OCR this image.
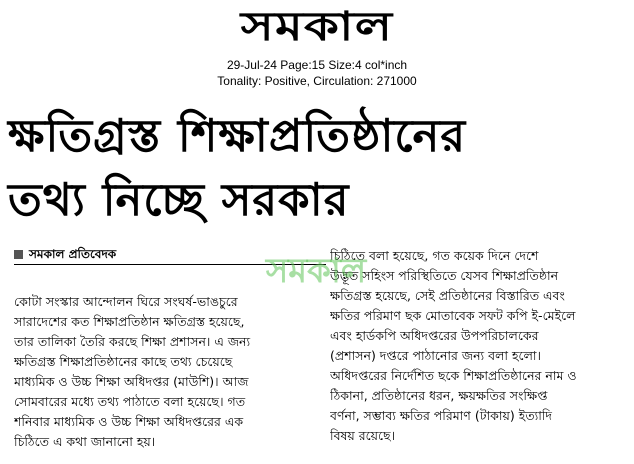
সমকাল
29-Jul-24 Page:15 Size:4 col*inch
Tonality: Positive, Circulation: 271000
ক্ষতিগ্রস্ত শিক্ষাপ্রতিষ্ঠানের
তথ্য নিচ্ছে সরকার
সমকাল প্রতিবেদক
কোটা সংস্কার আন্দোলন ঘিরে সংঘর্ষ-ভাঙচুরে
সারাদেশের কত শিক্ষাপ্রতিষ্ঠান ক্ষতিগ্রস্ত হয়েছে,
তার তালিকা তৈরি করছে শিক্ষা প্রশাসন। এ জন্য
ক্ষতিগ্রস্ত শিক্ষাপ্রতিষ্ঠানের কাছে তথ্য চেয়েছে
মাধ্যমিক ও উচ্চ শিক্ষা অধিদপ্তর (মাউশি)। আজ
সোমবারের মধ্যে তথ্য পাঠাতে বলা হয়েছে। গত
শনিবার মাধ্যমিক ও উচ্চ শিক্ষা অধিদপ্তরের এক
চিঠিতে এ কথা জানানো হয়।
চিঠিতে বলা হয়েছে, গত কয়েক দিনে দেশে
উদ্ভূত সহিংস পরিস্থিতিতে যেসব শিক্ষাপ্রতিষ্ঠান
ক্ষতিগ্রস্ত হয়েছে, সেই প্রতিষ্ঠানের বিস্তারিত এবং
ক্ষতির পরিমাণ ছক মোতাবেক সফট কপি ই-মেইলে
এবং হার্ডকপি অধিদপ্তরের উপপরিচালকের
(প্রশাসন) দপ্তরে পাঠানোর জন্য বলা হলো।
অধিদপ্তরের নির্দেশিত ছকে শিক্ষাপ্রতিষ্ঠানের নাম ও
ঠিকানা, প্রতিষ্ঠানের ধরন, ক্ষয়ক্ষতির সংক্ষিপ্ত
বর্ণনা, সম্ভাব্য ক্ষতির পরিমাণ (টাকায়) ইত্যাদি
বিষয় রয়েছে।
সমকাল
